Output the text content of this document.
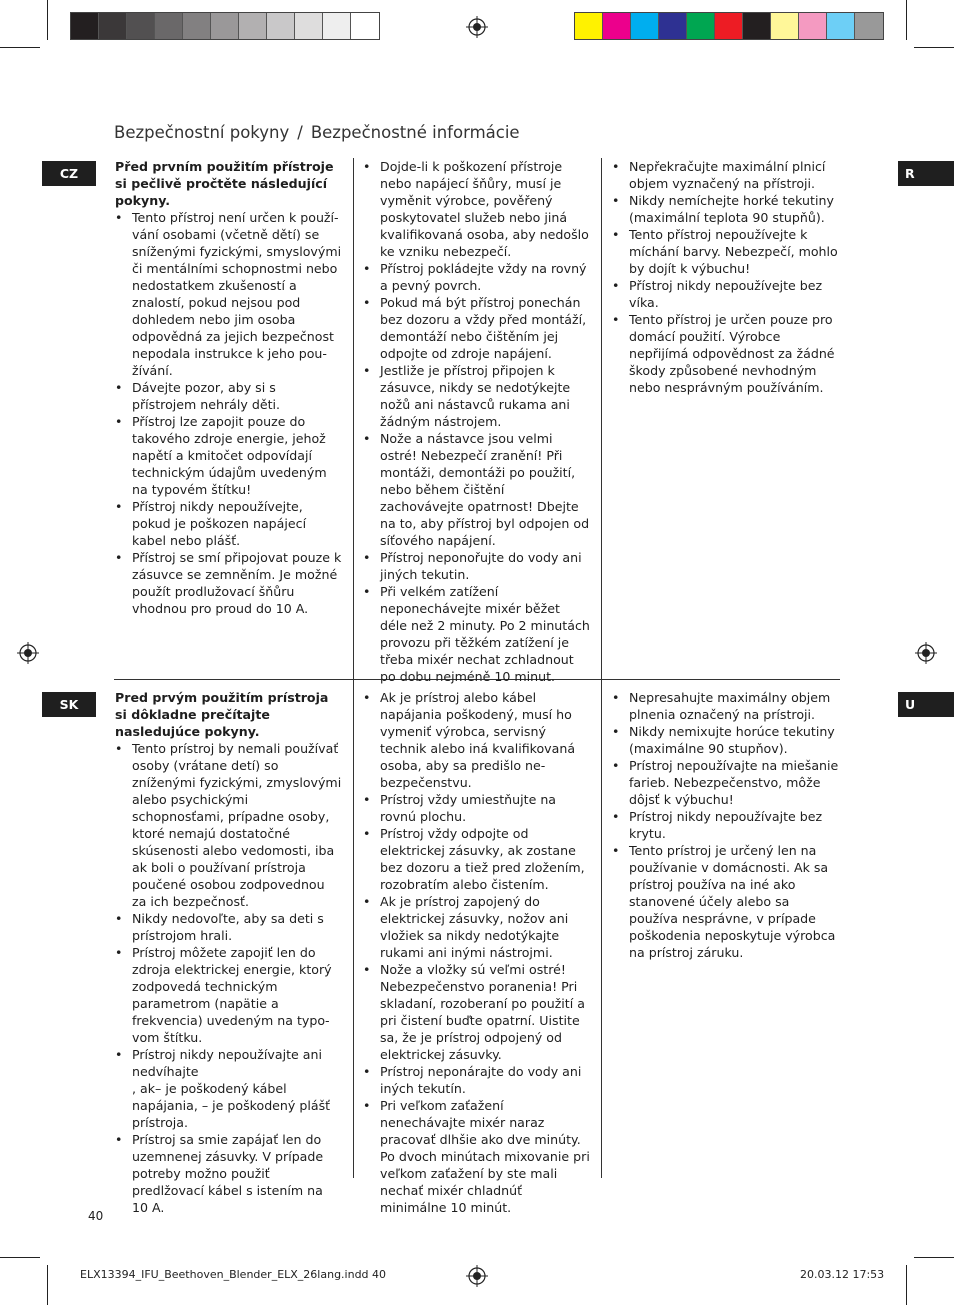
Bezpečnostní pokyny / Bezpečnostné informácie
CZ
SK
R
U

Před prvním použitím přístroje si pečlivě pročtěte následující pokyny.

• Tento přístroj není určen k používání osobami (včetně dětí) se sníženými fyzickými, smyslovými či mentálními schopnostmi nebo nedostatkem zkušeností a znalostí, pokud nejsou pod dohledem nebo jim osoba odpovědná za jejich bezpečnost nepodala instrukce k jeho používání.
• Dávejte pozor, aby si s přístrojem nehrály děti.
• Přístroj lze zapojit pouze do takového zdroje energie, jehož napětí a kmitočet odpovídají technickým údajům uvedeným na typovém štítku!
• Přístroj nikdy nepoužívejte, pokud je poškozen napájecí kabel nebo plášť.
• Přístroj se smí připojovat pouze k zásuvce se zemněním. Je možné použít prodlužovací šňůru vhodnou pro proud do 10 A.
• Dojde-li k poškození přístroje nebo napájecí šňůry, musí je vyměnit výrobce, pověřený poskytovatel služeb nebo jiná kvalifikovaná osoba, aby nedošlo ke vzniku nebezpečí.
• Přístroj pokládejte vždy na rovný a pevný povrch.
• Pokud má být přístroj ponechán bez dozoru a vždy před montáží, demontáží nebo čištěním jej odpojte od zdroje napájení.
• Jestliže je přístroj připojen k zásuvce, nikdy se nedotýkejte nožů ani nástavců rukama ani žádným nástrojem.
• Nože a nástavce jsou velmi ostré! Nebezpečí zranění! Při montáži, demontáži po použití, nebo během čištění zachovávejte opatrnost! Dbejte na to, aby přístroj byl odpojen od síťového napájení.
• Přístroj neponořujte do vody ani jiných tekutin.
• Při velkém zatížení neponechávejte mixér běžet déle než 2 minuty. Po 2 minutách provozu při těžkém zatížení je třeba mixér nechat zchladnout po dobu nejméně 10 minut.
• Nepřekračujte maximální plnicí objem vyznačený na přístroji.
• Nikdy nemíchejte horké tekutiny (maximální teplota 90 stupňů).
• Tento přístroj nepoužívejte k míchání barvy. Nebezpečí, mohlo by dojít k výbuchu!
• Přístroj nikdy nepoužívejte bez víka.
• Tento přístroj je určen pouze pro domácí použití. Výrobce nepřijímá odpovědnost za žádné škody způsobené nevhodným nebo nesprávným používáním.

Pred prvým použitím prístroja si dôkladne prečítajte nasledujúce pokyny.

• Tento prístroj by nemali používať osoby (vrátane detí) so zníženými fyzickými, zmyslovými alebo psychickými schopnosťami, prípadne osoby, ktoré nemajú dostatočné skúsenosti alebo vedomosti, iba ak boli o používaní prístroja poučené osobou zodpovednou za ich bezpečnosť.
• Nikdy nedovoľte, aby sa deti s prístrojom hrali.
• Prístroj môžete zapojiť len do zdroja elektrickej energie, ktorý zodpovedá technickým parametrom (napätie a frekvencia) uvedeným na typovom štítku.
• Prístroj nikdy nepoužívajte ani nedvíhajte
, ak– je poškodený kábel napájania, – je poškodený plášť prístroja.
• Prístroj sa smie zapájať len do uzemnenej zásuvky. V prípade potreby možno použiť predlžovací kábel s istením na 10 A.
• Ak je prístroj alebo kábel napájania poškodený, musí ho vymeniť výrobca, servisný technik alebo iná kvalifikovaná osoba, aby sa predišlo nebezpečenstvu.
• Prístroj vždy umiestňujte na rovnú plochu.
• Prístroj vždy odpojte od elektrickej zásuvky, ak zostane bez dozoru a tiež pred zložením, rozobratím alebo čistením.
• Ak je prístroj zapojený do elektrickej zásuvky, nožov ani vložiek sa nikdy nedotýkajte rukami ani inými nástrojmi.
• Nože a vložky sú veľmi ostré! Nebezpečenstvo poranenia! Pri skladaní, rozoberaní po použití a pri čistení buďte opatrní. Uistite sa, že je prístroj odpojený od elektrickej zásuvky.
• Prístroj neponárajte do vody ani iných tekutín.
• Pri veľkom zaťažení nenechávajte mixér naraz pracovať dlhšie ako dve minúty. Po dvoch minútach mixovanie pri veľkom zaťažení by ste mali nechať mixér chladnúť minimálne 10 minút.
• Nepresahujte maximálny objem plnenia označený na prístroji.
• Nikdy nemixujte horúce tekutiny (maximálne 90 stupňov).
• Prístroj nepoužívajte na miešanie farieb. Nebezpečenstvo, môže dôjsť k výbuchu!
• Prístroj nikdy nepoužívajte bez krytu.
• Tento prístroj je určený len na používanie v domácnosti. Ak sa prístroj používa na iné ako stanovené účely alebo sa používa nesprávne, v prípade poškodenia neposkytuje výrobca na prístroj záruku.
40
ELX13394_IFU_Beethoven_Blender_ELX_26lang.indd 40	20.03.12 17:53
